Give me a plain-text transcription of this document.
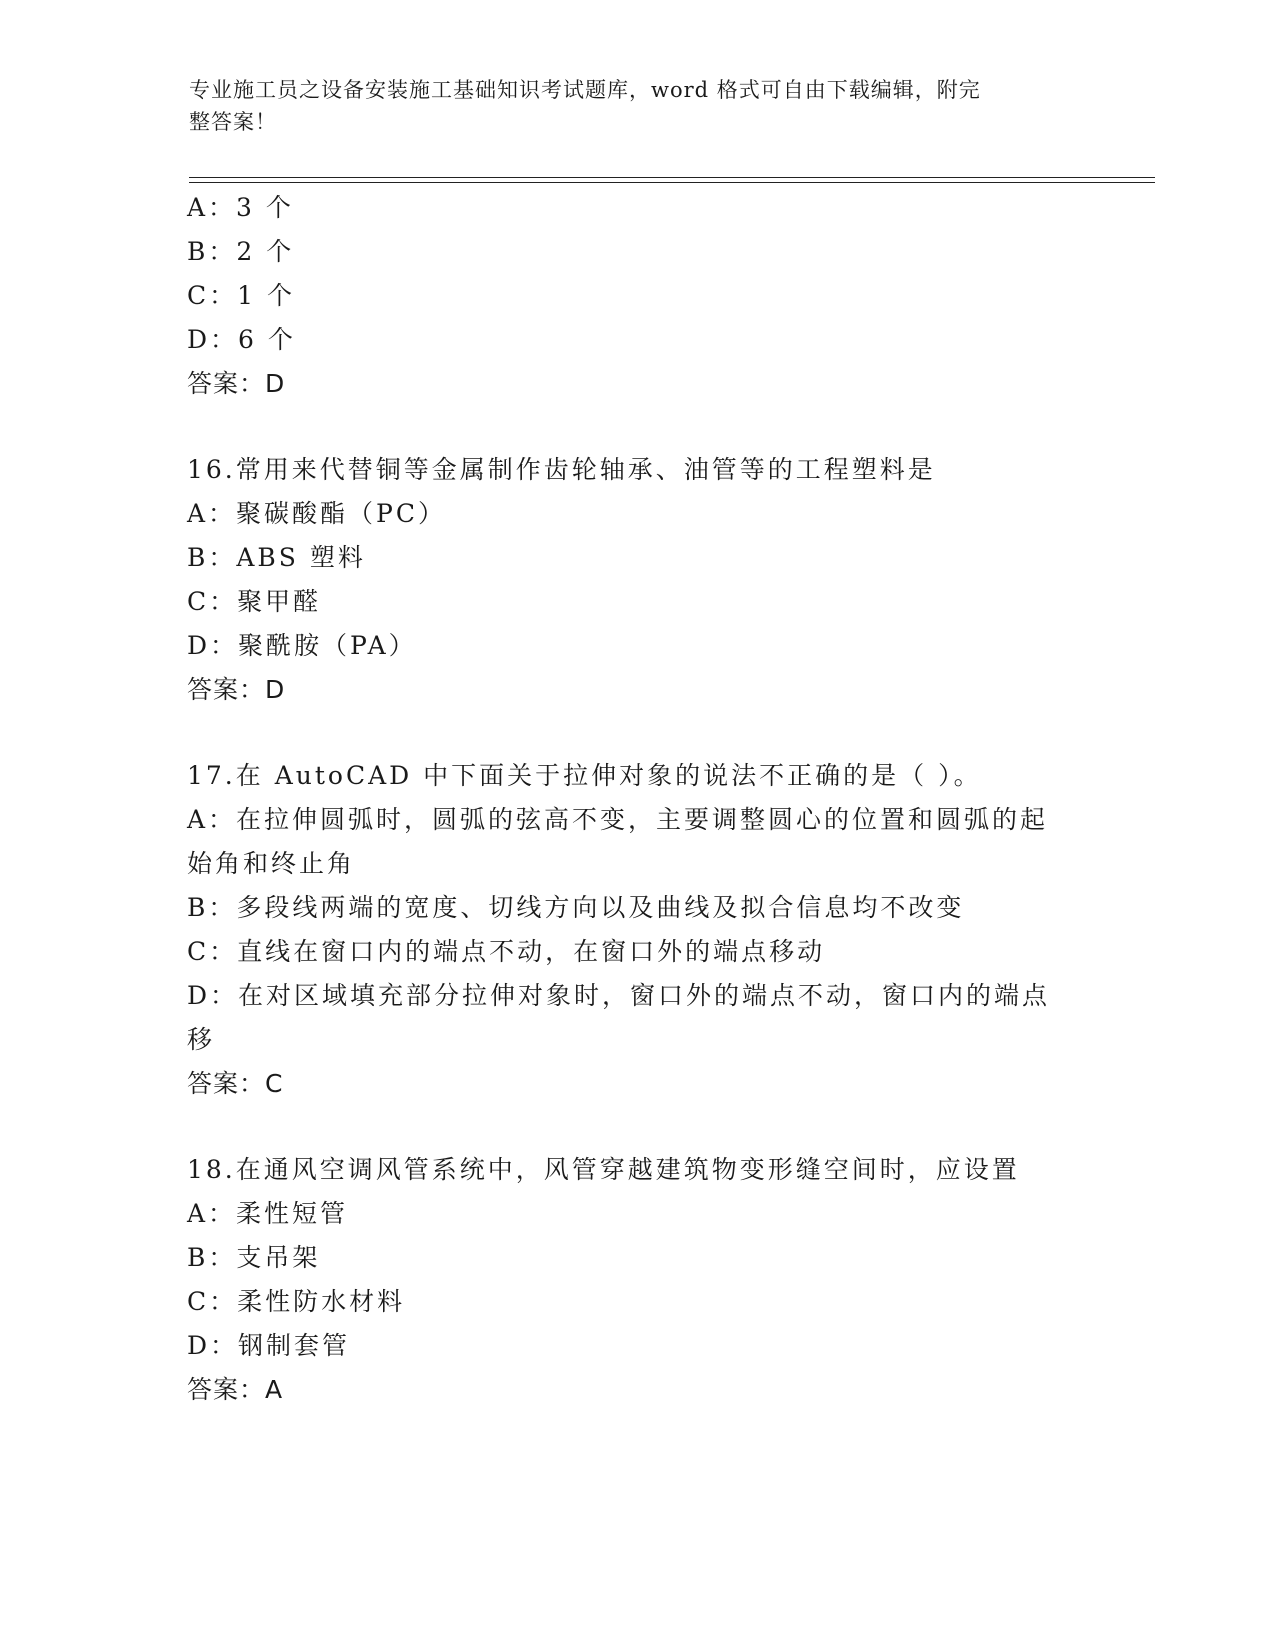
专业施工员之设备安装施工基础知识考试题库，word 格式可自由下载编辑，附完
整答案！
A：3 个
B：2 个
C：1 个
D：6 个
答案：D
16.常用来代替铜等金属制作齿轮轴承、油管等的工程塑料是
A：聚碳酸酯（PC）
B：ABS 塑料
C：聚甲醛
D：聚酰胺（PA）
答案：D
17.在 AutoCAD 中下面关于拉伸对象的说法不正确的是（ ）。
A：在拉伸圆弧时，圆弧的弦高不变，主要调整圆心的位置和圆弧的起
始角和终止角
B：多段线两端的宽度、切线方向以及曲线及拟合信息均不改变
C：直线在窗口内的端点不动，在窗口外的端点移动
D：在对区域填充部分拉伸对象时，窗口外的端点不动，窗口内的端点
移
答案：C
18.在通风空调风管系统中，风管穿越建筑物变形缝空间时，应设置
A：柔性短管
B：支吊架
C：柔性防水材料
D：钢制套管
答案：A
